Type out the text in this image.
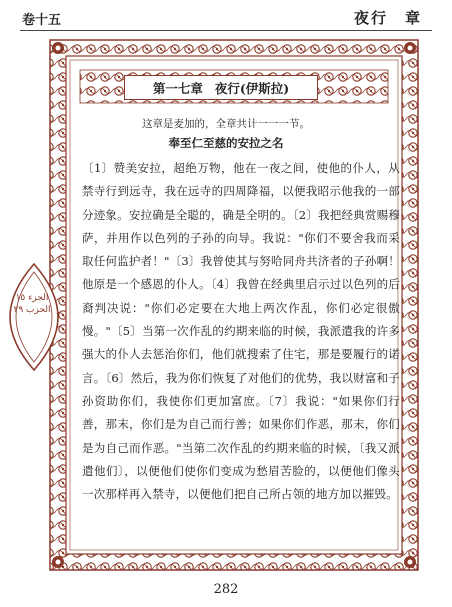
卷十五	夜行　章
الجزء ١٥
الحزب ٢٩
第一七章 夜行(伊斯拉)
这章是麦加的，全章共计一一一节。
奉至仁至慈的安拉之名
〔1〕赞美安拉，超绝万物，他在一夜之间，使他的仆人，从禁寺行到远寺，我在远寺的四周降福，以便我昭示他我的一部分迹象。安拉确是全聪的，确是全明的。〔2〕我把经典赏赐穆萨，并用作以色列的子孙的向导。我说："你们不要舍我而采取任何监护者！"〔3〕我曾使其与努哈同舟共济者的子孙啊！他原是一个感恩的仆人。〔4〕我曾在经典里启示过以色列的后裔判决说："你们必定要在大地上两次作乱，你们必定很傲慢。"〔5〕当第一次作乱的约期来临的时候，我派遣我的许多强大的仆人去惩治你们，他们就搜索了住宅，那是要履行的诺言。〔6〕然后，我为你们恢复了对他们的优势，我以财富和子孙资助你们，我使你们更加富庶。〔7〕我说："如果你们行善，那末，你们是为自己而行善；如果你们作恶，那末，你们是为自己而作恶。"当第二次作乱的约期来临的时候，〔我又派遣他们〕，以便他们使你们变成为愁眉苦脸的，以便他们像头一次那样再入禁寺，以便他们把自己所占领的地方加以摧毁。
282
